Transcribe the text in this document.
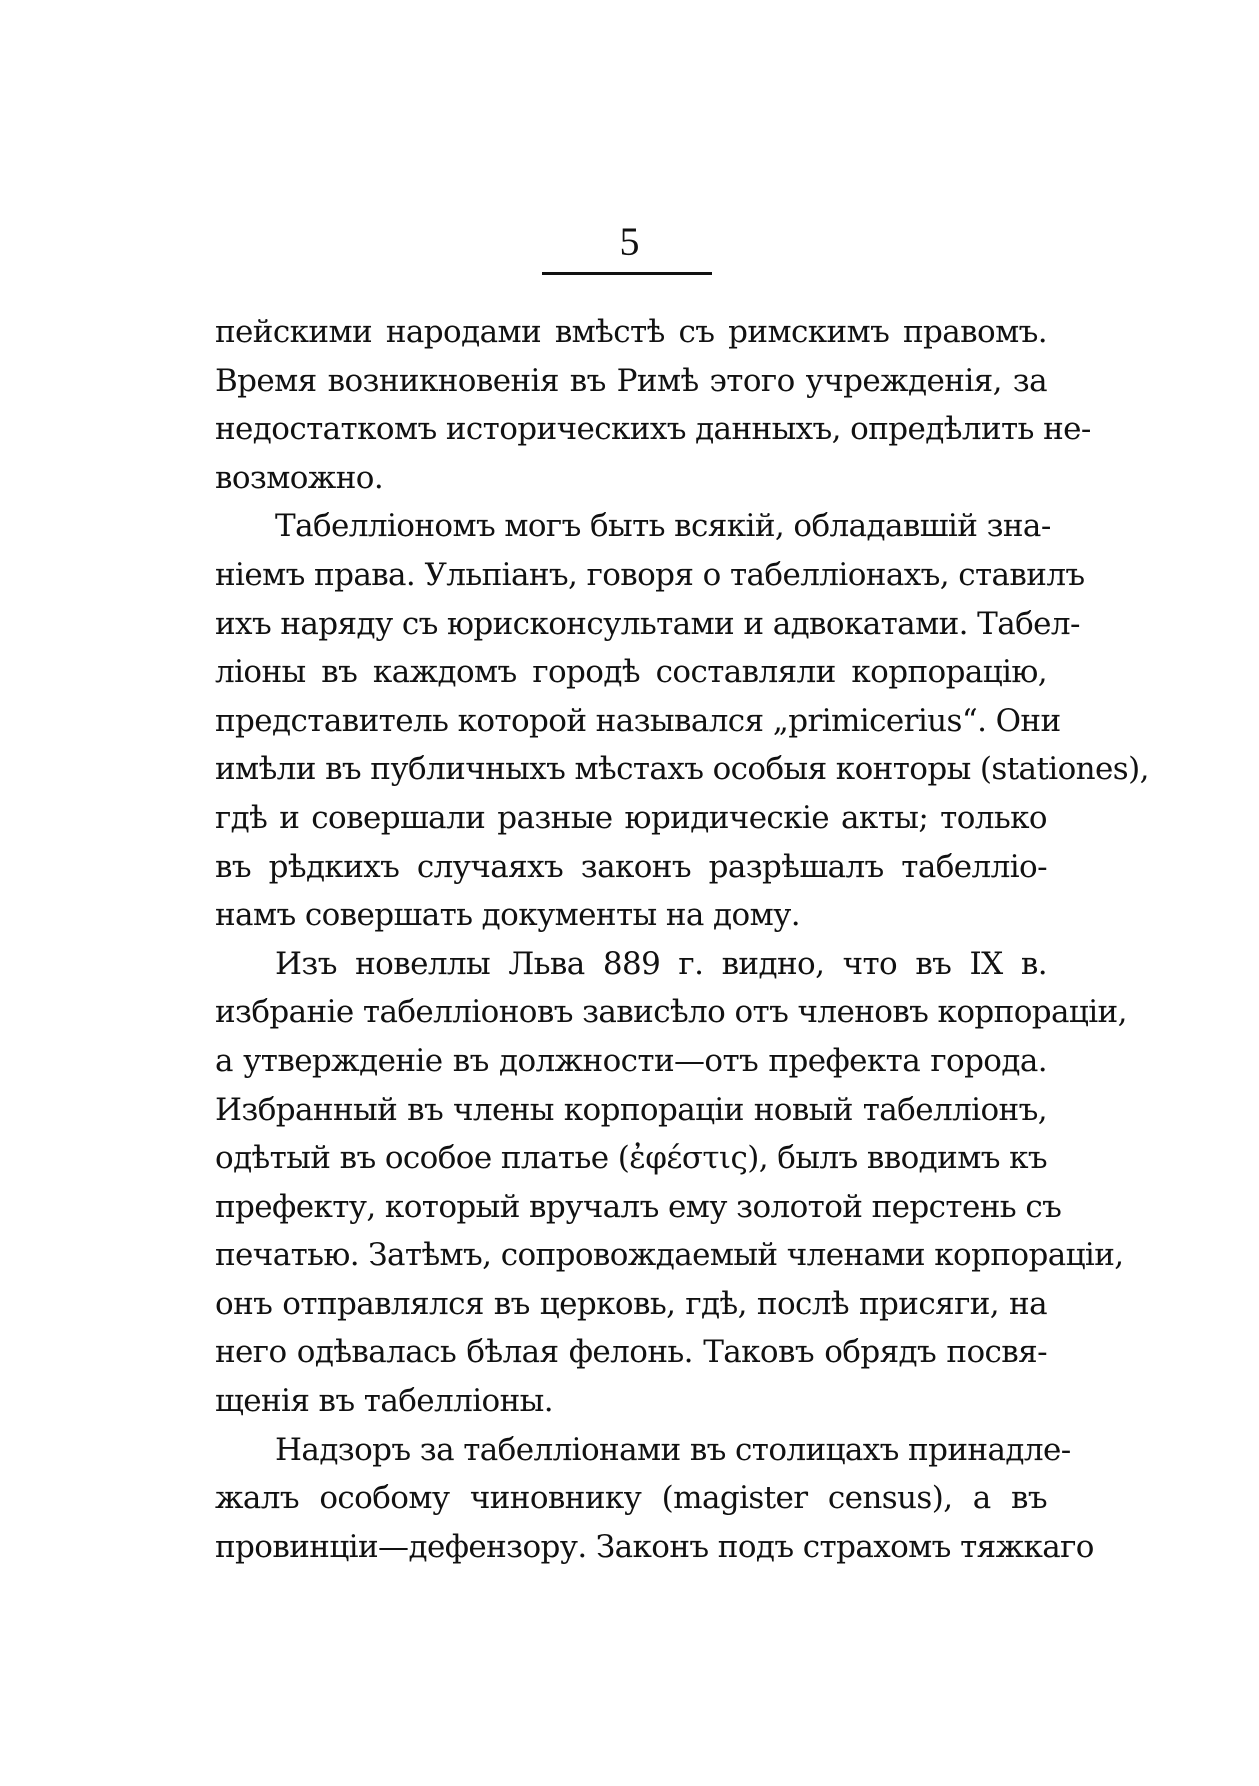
5
пейскими народами вмѣстѣ съ римскимъ правомъ.
Время возникновенія въ Римѣ этого учрежденія, за
недостаткомъ историческихъ данныхъ, опредѣлить не-
возможно.
Табелліономъ могъ быть всякій, обладавшій зна-
ніемъ права. Ульпіанъ, говоря о табелліонахъ, ставилъ
ихъ наряду съ юрисконсультами и адвокатами. Табел-
ліоны въ каждомъ городѣ составляли корпорацію,
представитель которой назывался „primicerius“. Они
имѣли въ публичныхъ мѣстахъ особыя конторы (stationes),
гдѣ и совершали разные юридическіе акты; только
въ рѣдкихъ случаяхъ законъ разрѣшалъ табелліо-
намъ совершать документы на дому.
Изъ новеллы Льва 889 г. видно, что въ IX в.
избраніе табелліоновъ зависѣло отъ членовъ корпораціи,
а утвержденіе въ должности—отъ префекта города.
Избранный въ члены корпораціи новый табелліонъ,
одѣтый въ особое платье (ἐφέστις), былъ вводимъ къ
префекту, который вручалъ ему золотой перстень съ
печатью. Затѣмъ, сопровождаемый членами корпораціи,
онъ отправлялся въ церковь, гдѣ, послѣ присяги, на
него одѣвалась бѣлая фелонь. Таковъ обрядъ посвя-
щенія въ табелліоны.
Надзоръ за табелліонами въ столицахъ принадле-
жалъ особому чиновнику (magister census), а въ
провинціи—дефензору. Законъ подъ страхомъ тяжкаго
